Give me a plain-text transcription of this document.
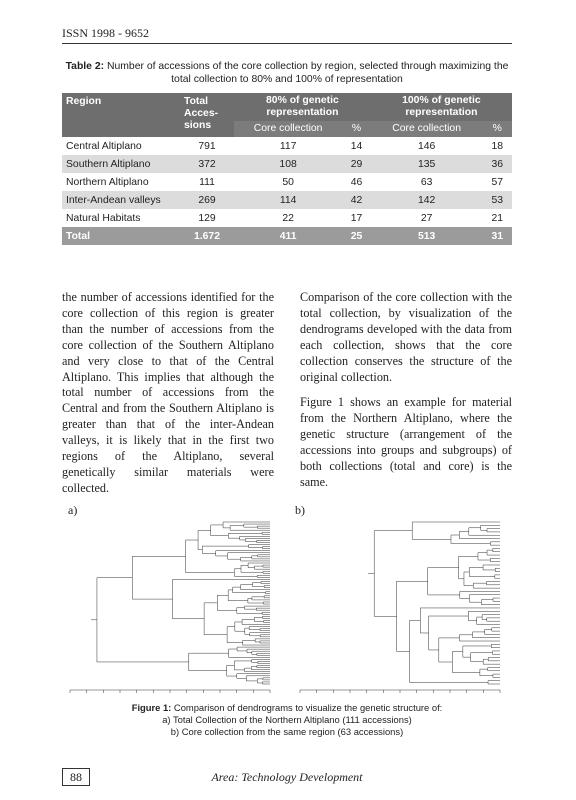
ISSN 1998 - 9652
Table 2: Number of accessions of the core collection by region, selected through maximizing the total collection to 80% and 100% of representation
Region	Total Acces- sions	80% of genetic representation		100% of genetic representation	
		Core collection	%	Core collection	%
Central Altiplano	791	117	14	146	18
Southern Altiplano	372	108	29	135	36
Northern Altiplano	111	50	46	63	57
Inter-Andean valleys	269	114	42	142	53
Natural Habitats	129	22	17	27	21
Total	1.672	411	25	513	31

the number of accessions identified for the core collection of this region is greater than the number of accessions from the core collection of the Southern Altiplano and very close to that of the Central Altiplano. This implies that although the total number of accessions from the Central and from the Southern Altiplano is greater than that of the inter-Andean valleys, it is likely that in the first two regions of the Altiplano, several genetically similar materials were collected.

Comparison of the core collection with the total collection, by visualization of the dendrograms developed with the data from each collection, shows that the core collection conserves the structure of the original collection.

Figure 1 shows an example for material from the Northern Altiplano, where the genetic structure (arrangement of the accessions into groups and subgroups) of both collections (total and core) is the same.

a)	b)
Figure 1: Comparison of dendrograms to visualize the genetic structure of:
a) Total Collection of the Northern Altiplano (111 accessions)
b) Core collection from the same region (63 accessions)
88	Area: Technology Development
